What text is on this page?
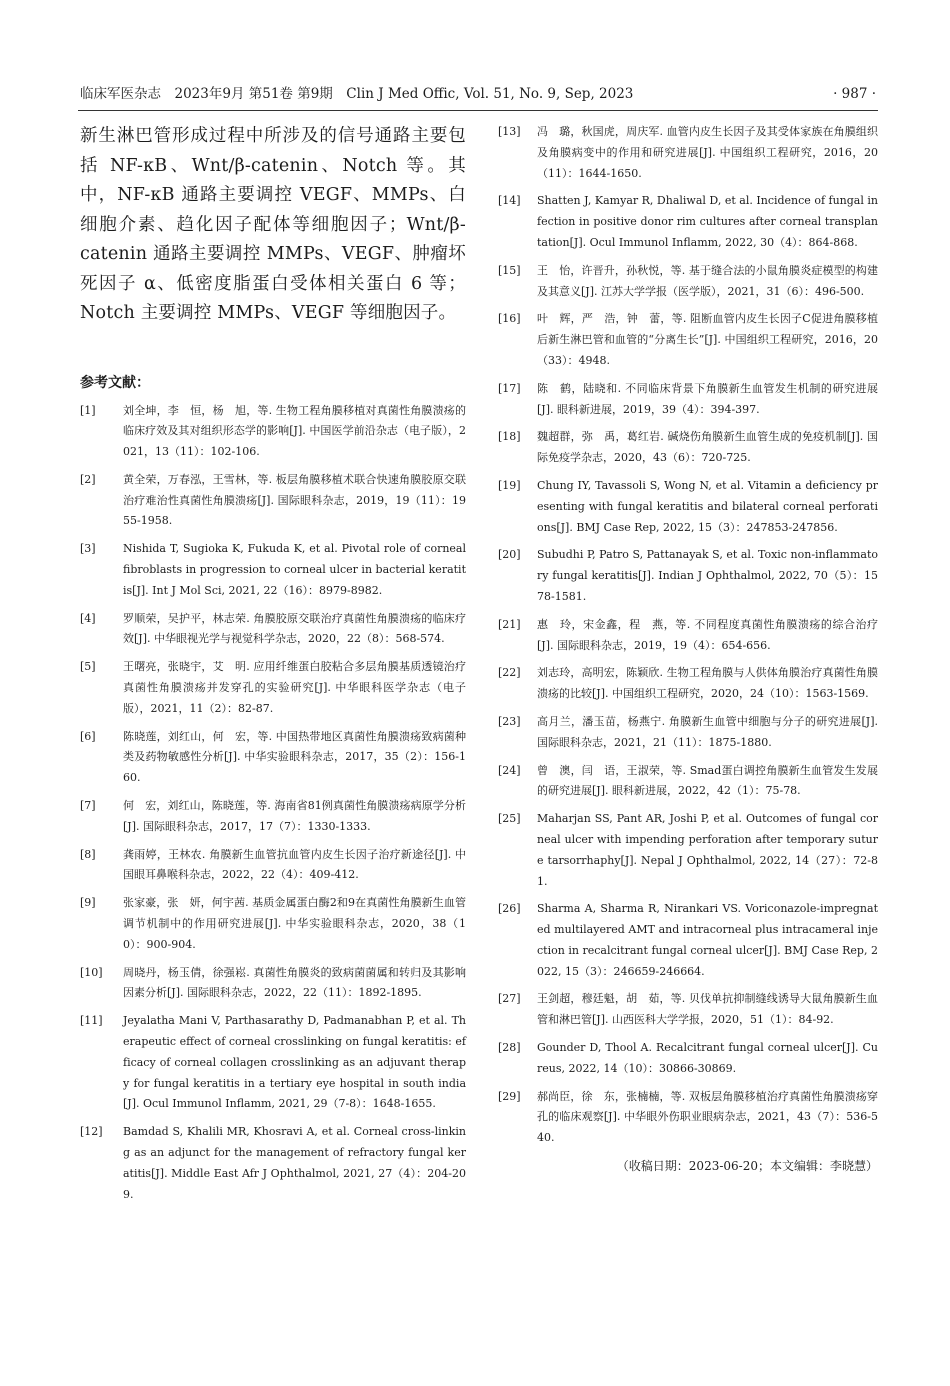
临床军医杂志　2023年9月 第51卷 第9期　Clin J Med Offic, Vol. 51, No. 9, Sep, 2023	· 987 ·

新生淋巴管形成过程中所涉及的信号通路主要包括 NF-κB、Wnt/β-catenin、Notch 等。其中，NF-κB 通路主要调控 VEGF、MMPs、白细胞介素、趋化因子配体等细胞因子；Wnt/β-catenin 通路主要调控 MMPs、VEGF、肿瘤坏死因子 α、低密度脂蛋白受体相关蛋白 6 等；Notch 主要调控 MMPs、VEGF 等细胞因子。

参考文献：
[1] 刘全坤，李　恒，杨　旭，等. 生物工程角膜移植对真菌性角膜溃疡的临床疗效及其对组织形态学的影响[J]. 中国医学前沿杂志（电子版），2021，13（11）：102-106.
[2] 黄全荣，万春泓，王雪林，等. 板层角膜移植术联合快速角膜胶原交联治疗难治性真菌性角膜溃疡[J]. 国际眼科杂志，2019，19（11）：1955-1958.
[3] Nishida T, Sugioka K, Fukuda K, et al. Pivotal role of corneal fibroblasts in progression to corneal ulcer in bacterial keratitis[J]. Int J Mol Sci, 2021, 22（16）：8979-8982.
[4] 罗顺荣，吴护平，林志荣. 角膜胶原交联治疗真菌性角膜溃疡的临床疗效[J]. 中华眼视光学与视觉科学杂志，2020，22（8）：568-574.
[5] 王曙亮，张晓宇，艾　明. 应用纤维蛋白胶粘合多层角膜基质透镜治疗真菌性角膜溃疡并发穿孔的实验研究[J]. 中华眼科医学杂志（电子版），2021，11（2）：82-87.
[6] 陈晓莲，刘红山，何　宏，等. 中国热带地区真菌性角膜溃疡致病菌种类及药物敏感性分析[J]. 中华实验眼科杂志，2017，35（2）：156-160.
[7] 何　宏，刘红山，陈晓莲，等. 海南省81例真菌性角膜溃疡病原学分析[J]. 国际眼科杂志，2017，17（7）：1330-1333.
[8] 龚雨婷，王林农. 角膜新生血管抗血管内皮生长因子治疗新途径[J]. 中国眼耳鼻喉科杂志，2022，22（4）：409-412.
[9] 张家豪，张　妍，何宇茜. 基质金属蛋白酶2和9在真菌性角膜新生血管调节机制中的作用研究进展[J]. 中华实验眼科杂志，2020，38（10）：900-904.
[10] 周晓丹，杨玉倩，徐强崧. 真菌性角膜炎的致病菌菌属和转归及其影响因素分析[J]. 国际眼科杂志，2022，22（11）：1892-1895.
[11] Jeyalatha Mani V, Parthasarathy D, Padmanabhan P, et al. Therapeutic effect of corneal crosslinking on fungal keratitis: efficacy of corneal collagen crosslinking as an adjuvant therapy for fungal keratitis in a tertiary eye hospital in south india[J]. Ocul Immunol Inflamm, 2021, 29（7-8）：1648-1655.
[12] Bamdad S, Khalili MR, Khosravi A, et al. Corneal cross-linking as an adjunct for the management of refractory fungal keratitis[J]. Middle East Afr J Ophthalmol, 2021, 27（4）：204-209.
[13] 冯　璐，秋国虎，周庆军. 血管内皮生长因子及其受体家族在角膜组织及角膜病变中的作用和研究进展[J]. 中国组织工程研究，2016，20（11）：1644-1650.
[14] Shatten J, Kamyar R, Dhaliwal D, et al. Incidence of fungal infection in positive donor rim cultures after corneal transplantation[J]. Ocul Immunol Inflamm, 2022, 30（4）：864-868.
[15] 王　怡，许晋升，孙秋悦，等. 基于缝合法的小鼠角膜炎症模型的构建及其意义[J]. 江苏大学学报（医学版），2021，31（6）：496-500.
[16] 叶　辉，严　浩，钟　蕾，等. 阻断血管内皮生长因子C促进角膜移植后新生淋巴管和血管的“分离生长”[J]. 中国组织工程研究，2016，20（33）：4948.
[17] 陈　鹤，陆晓和. 不同临床背景下角膜新生血管发生机制的研究进展[J]. 眼科新进展，2019，39（4）：394-397.
[18] 魏超群，弥　禹，葛红岩. 碱烧伤角膜新生血管生成的免疫机制[J]. 国际免疫学杂志，2020，43（6）：720-725.
[19] Chung IY, Tavassoli S, Wong N, et al. Vitamin a deficiency presenting with fungal keratitis and bilateral corneal perforations[J]. BMJ Case Rep, 2022, 15（3）：247853-247856.
[20] Subudhi P, Patro S, Pattanayak S, et al. Toxic non-inflammatory fungal keratitis[J]. Indian J Ophthalmol, 2022, 70（5）：1578-1581.
[21] 惠　玲，宋金鑫，程　燕，等. 不同程度真菌性角膜溃疡的综合治疗[J]. 国际眼科杂志，2019，19（4）：654-656.
[22] 刘志玲，高明宏，陈颖欣. 生物工程角膜与人供体角膜治疗真菌性角膜溃疡的比较[J]. 中国组织工程研究，2020，24（10）：1563-1569.
[23] 高月兰，潘玉苗，杨燕宁. 角膜新生血管中细胞与分子的研究进展[J]. 国际眼科杂志，2021，21（11）：1875-1880.
[24] 曾　澳，闫　语，王淑荣，等. Smad蛋白调控角膜新生血管发生发展的研究进展[J]. 眼科新进展，2022，42（1）：75-78.
[25] Maharjan SS, Pant AR, Joshi P, et al. Outcomes of fungal corneal ulcer with impending perforation after temporary suture tarsorrhaphy[J]. Nepal J Ophthalmol, 2022, 14（27）：72-81.
[26] Sharma A, Sharma R, Nirankari VS. Voriconazole-impregnated multilayered AMT and intracorneal plus intracameral injection in recalcitrant fungal corneal ulcer[J]. BMJ Case Rep, 2022, 15（3）：246659-246664.
[27] 王剑超，穆廷魁，胡　茹，等. 贝伐单抗抑制缝线诱导大鼠角膜新生血管和淋巴管[J]. 山西医科大学学报，2020，51（1）：84-92.
[28] Gounder D, Thool A. Recalcitrant fungal corneal ulcer[J]. Cureus, 2022, 14（10）：30866-30869.
[29] 郝尚臣，徐　东，张楠楠，等. 双板层角膜移植治疗真菌性角膜溃疡穿孔的临床观察[J]. 中华眼外伤职业眼病杂志，2021，43（7）：536-540.
（收稿日期：2023-06-20；本文编辑：李晓慧）
